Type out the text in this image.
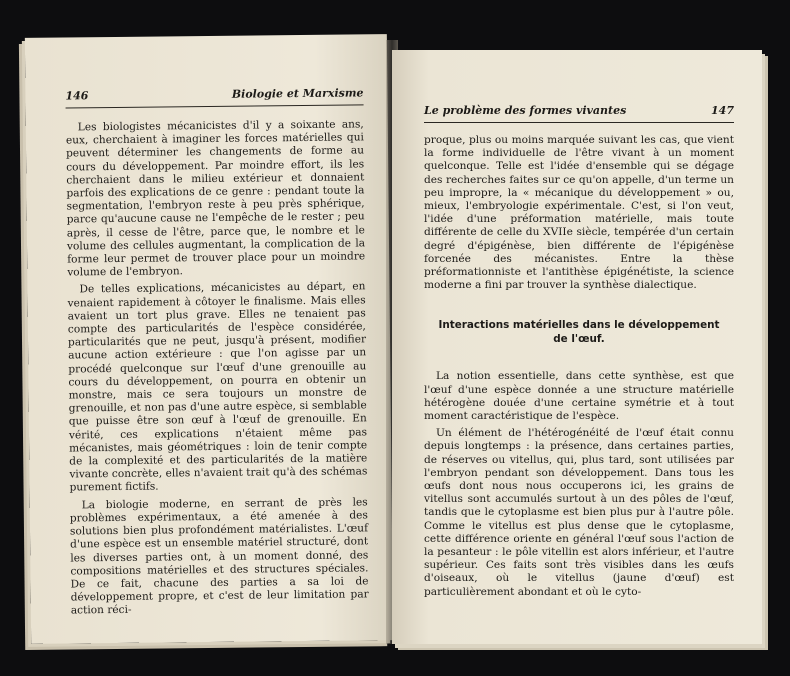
146	Biologie et Marxisme

Les biologistes mécanicistes d'il y a soixante ans, eux, cherchaient à imaginer les forces matérielles qui peuvent déterminer les changements de forme au cours du développement. Par moindre effort, ils les cherchaient dans le milieu extérieur et donnaient parfois des explications de ce genre : pendant toute la segmentation, l'embryon reste à peu près sphérique, parce qu'aucune cause ne l'empêche de le rester ; peu après, il cesse de l'être, parce que, le nombre et le volume des cellules augmentant, la complication de la forme leur permet de trouver place pour un moindre volume de l'embryon.

De telles explications, mécanicistes au départ, en venaient rapidement à côtoyer le finalisme. Mais elles avaient un tort plus grave. Elles ne tenaient pas compte des particularités de l'espèce considérée, particularités que ne peut, jusqu'à présent, modifier aucune action extérieure : que l'on agisse par un procédé quelconque sur l'œuf d'une grenouille au cours du développement, on pourra en obtenir un monstre, mais ce sera toujours un monstre de grenouille, et non pas d'une autre espèce, si semblable que puisse être son œuf à l'œuf de grenouille. En vérité, ces explications n'étaient même pas mécanistes, mais géométriques : loin de tenir compte de la complexité et des particularités de la matière vivante concrète, elles n'avaient trait qu'à des schémas purement fictifs.

La biologie moderne, en serrant de près les problèmes expérimentaux, a été amenée à des solutions bien plus profondément matérialistes. L'œuf d'une espèce est un ensemble matériel structuré, dont les diverses parties ont, à un moment donné, des compositions matérielles et des structures spéciales. De ce fait, chacune des parties a sa loi de développement propre, et c'est de leur limitation par action réci-

Le problème des formes vivantes	147

proque, plus ou moins marquée suivant les cas, que vient la forme individuelle de l'être vivant à un moment quelconque. Telle est l'idée d'ensemble qui se dégage des recherches faites sur ce qu'on appelle, d'un terme un peu impropre, la « mécanique du développement » ou, mieux, l'embryologie expérimentale. C'est, si l'on veut, l'idée d'une préformation matérielle, mais toute différente de celle du XVIIe siècle, tempérée d'un certain degré d'épigénèse, bien différente de l'épigénèse forcenée des mécanistes. Entre la thèse préformationniste et l'antithèse épigénétiste, la science moderne a fini par trouver la synthèse dialectique.

Interactions matérielles dans le développement de l'œuf.

La notion essentielle, dans cette synthèse, est que l'œuf d'une espèce donnée a une structure matérielle hétérogène douée d'une certaine symétrie et à tout moment caractéristique de l'espèce.

Un élément de l'hétérogénéité de l'œuf était connu depuis longtemps : la présence, dans certaines parties, de réserves ou vitellus, qui, plus tard, sont utilisées par l'embryon pendant son développement. Dans tous les œufs dont nous nous occuperons ici, les grains de vitellus sont accumulés surtout à un des pôles de l'œuf, tandis que le cytoplasme est bien plus pur à l'autre pôle. Comme le vitellus est plus dense que le cytoplasme, cette différence oriente en général l'œuf sous l'action de la pesanteur : le pôle vitellin est alors inférieur, et l'autre supérieur. Ces faits sont très visibles dans les œufs d'oiseaux, où le vitellus (jaune d'œuf) est particulièrement abondant et où le cyto-
